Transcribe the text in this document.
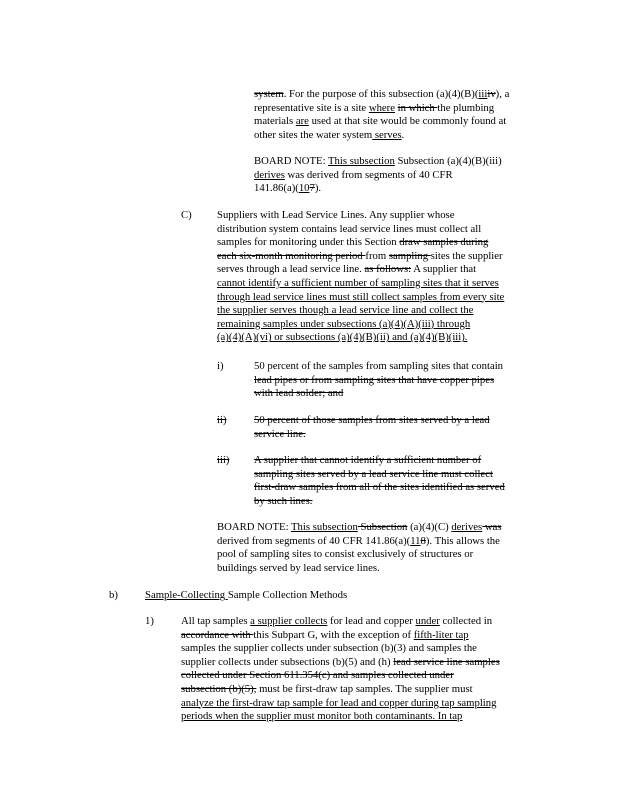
system. For the purpose of this subsection (a)(4)(B)(iiiiv), a
representative site is a site where in which the plumbing
materials are used at that site would be commonly found at
other sites the water system serves.
BOARD NOTE: This subsection Subsection (a)(4)(B)(iii)
derives was derived from segments of 40 CFR
141.86(a)(107).
C) Suppliers with Lead Service Lines. Any supplier whose
distribution system contains lead service lines must collect all
samples for monitoring under this Section draw samples during
each six-month monitoring period from sampling sites the supplier
serves through a lead service line. as follows: A supplier that
cannot identify a sufficient number of sampling sites that it serves
through lead service lines must still collect samples from every site
the supplier serves though a lead service line and collect the
remaining samples under subsections (a)(4)(A)(iii) through
(a)(4)(A)(vi) or subsections (a)(4)(B)(ii) and (a)(4)(B)(iii).
i)	50 percent of the samples from sampling sites that contain
lead pipes or from sampling sites that have copper pipes
with lead solder; and
ii)	50 percent of those samples from sites served by a lead
service line.
iii) A supplier that cannot identify a sufficient number of
sampling sites served by a lead service line must collect
first-draw samples from all of the sites identified as served
by such lines.
BOARD NOTE: This subsection Subsection (a)(4)(C) derives was
derived from segments of 40 CFR 141.86(a)(118). This allows the
pool of sampling sites to consist exclusively of structures or
buildings served by lead service lines.
b)	Sample-Collecting Sample Collection Methods
1)	All tap samples a supplier collects for lead and copper under collected in
accordance with this Subpart G, with the exception of fifth-liter tap
samples the supplier collects under subsection (b)(3) and samples the
supplier collects under subsections (b)(5) and (h) lead service line samples
collected under Section 611.354(c) and samples collected under
subsection (b)(5), must be first-draw tap samples. The supplier must
analyze the first-draw tap sample for lead and copper during tap sampling
periods when the supplier must monitor both contaminants. In tap
